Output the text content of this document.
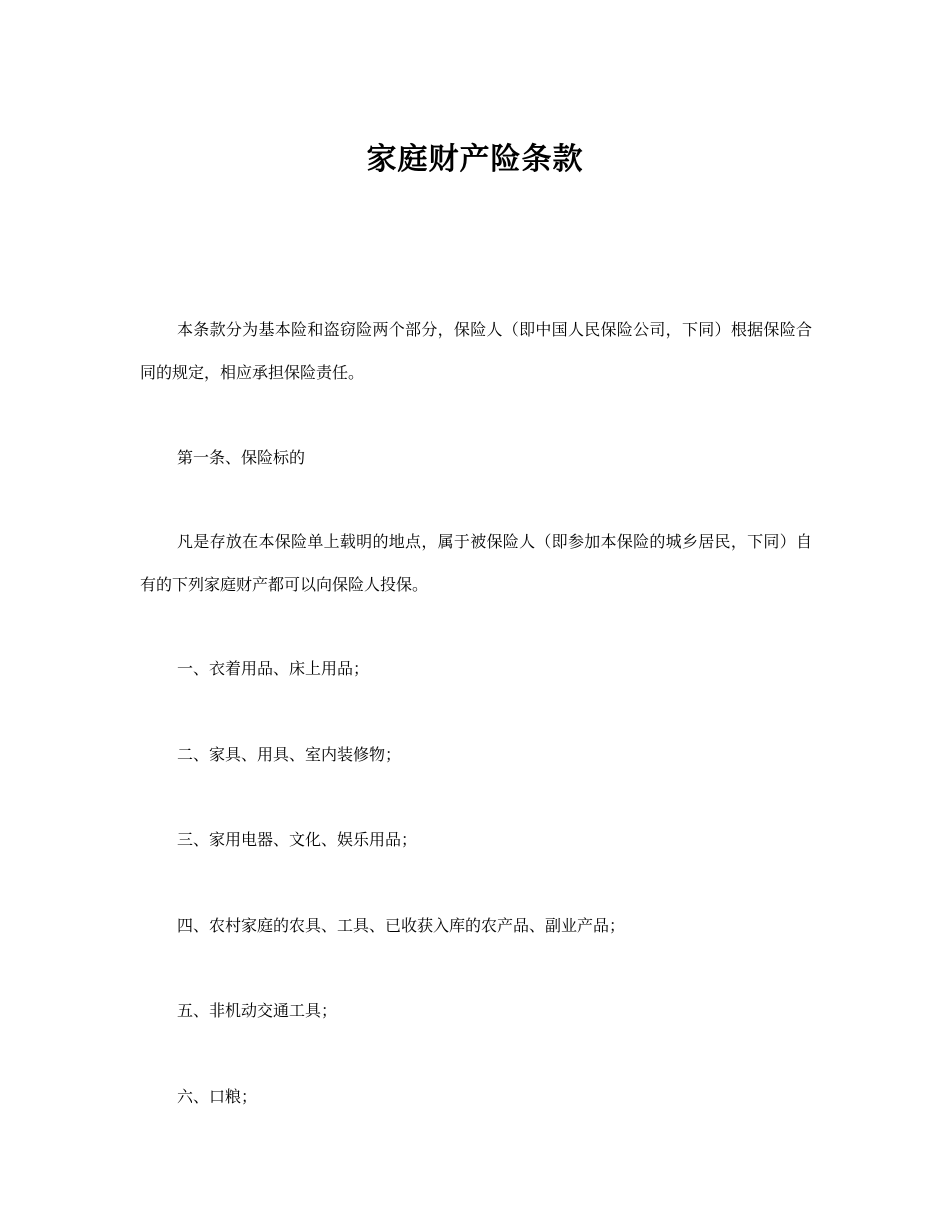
家庭财产险条款

本条款分为基本险和盗窃险两个部分，保险人（即中国人民保险公司，下同）根据保险合同的规定，相应承担保险责任。

第一条、保险标的

凡是存放在本保险单上载明的地点，属于被保险人（即参加本保险的城乡居民，下同）自有的下列家庭财产都可以向保险人投保。

一、衣着用品、床上用品；

二、家具、用具、室内装修物；

三、家用电器、文化、娱乐用品；

四、农村家庭的农具、工具、已收获入库的农产品、副业产品；

五、非机动交通工具；

六、口粮；
